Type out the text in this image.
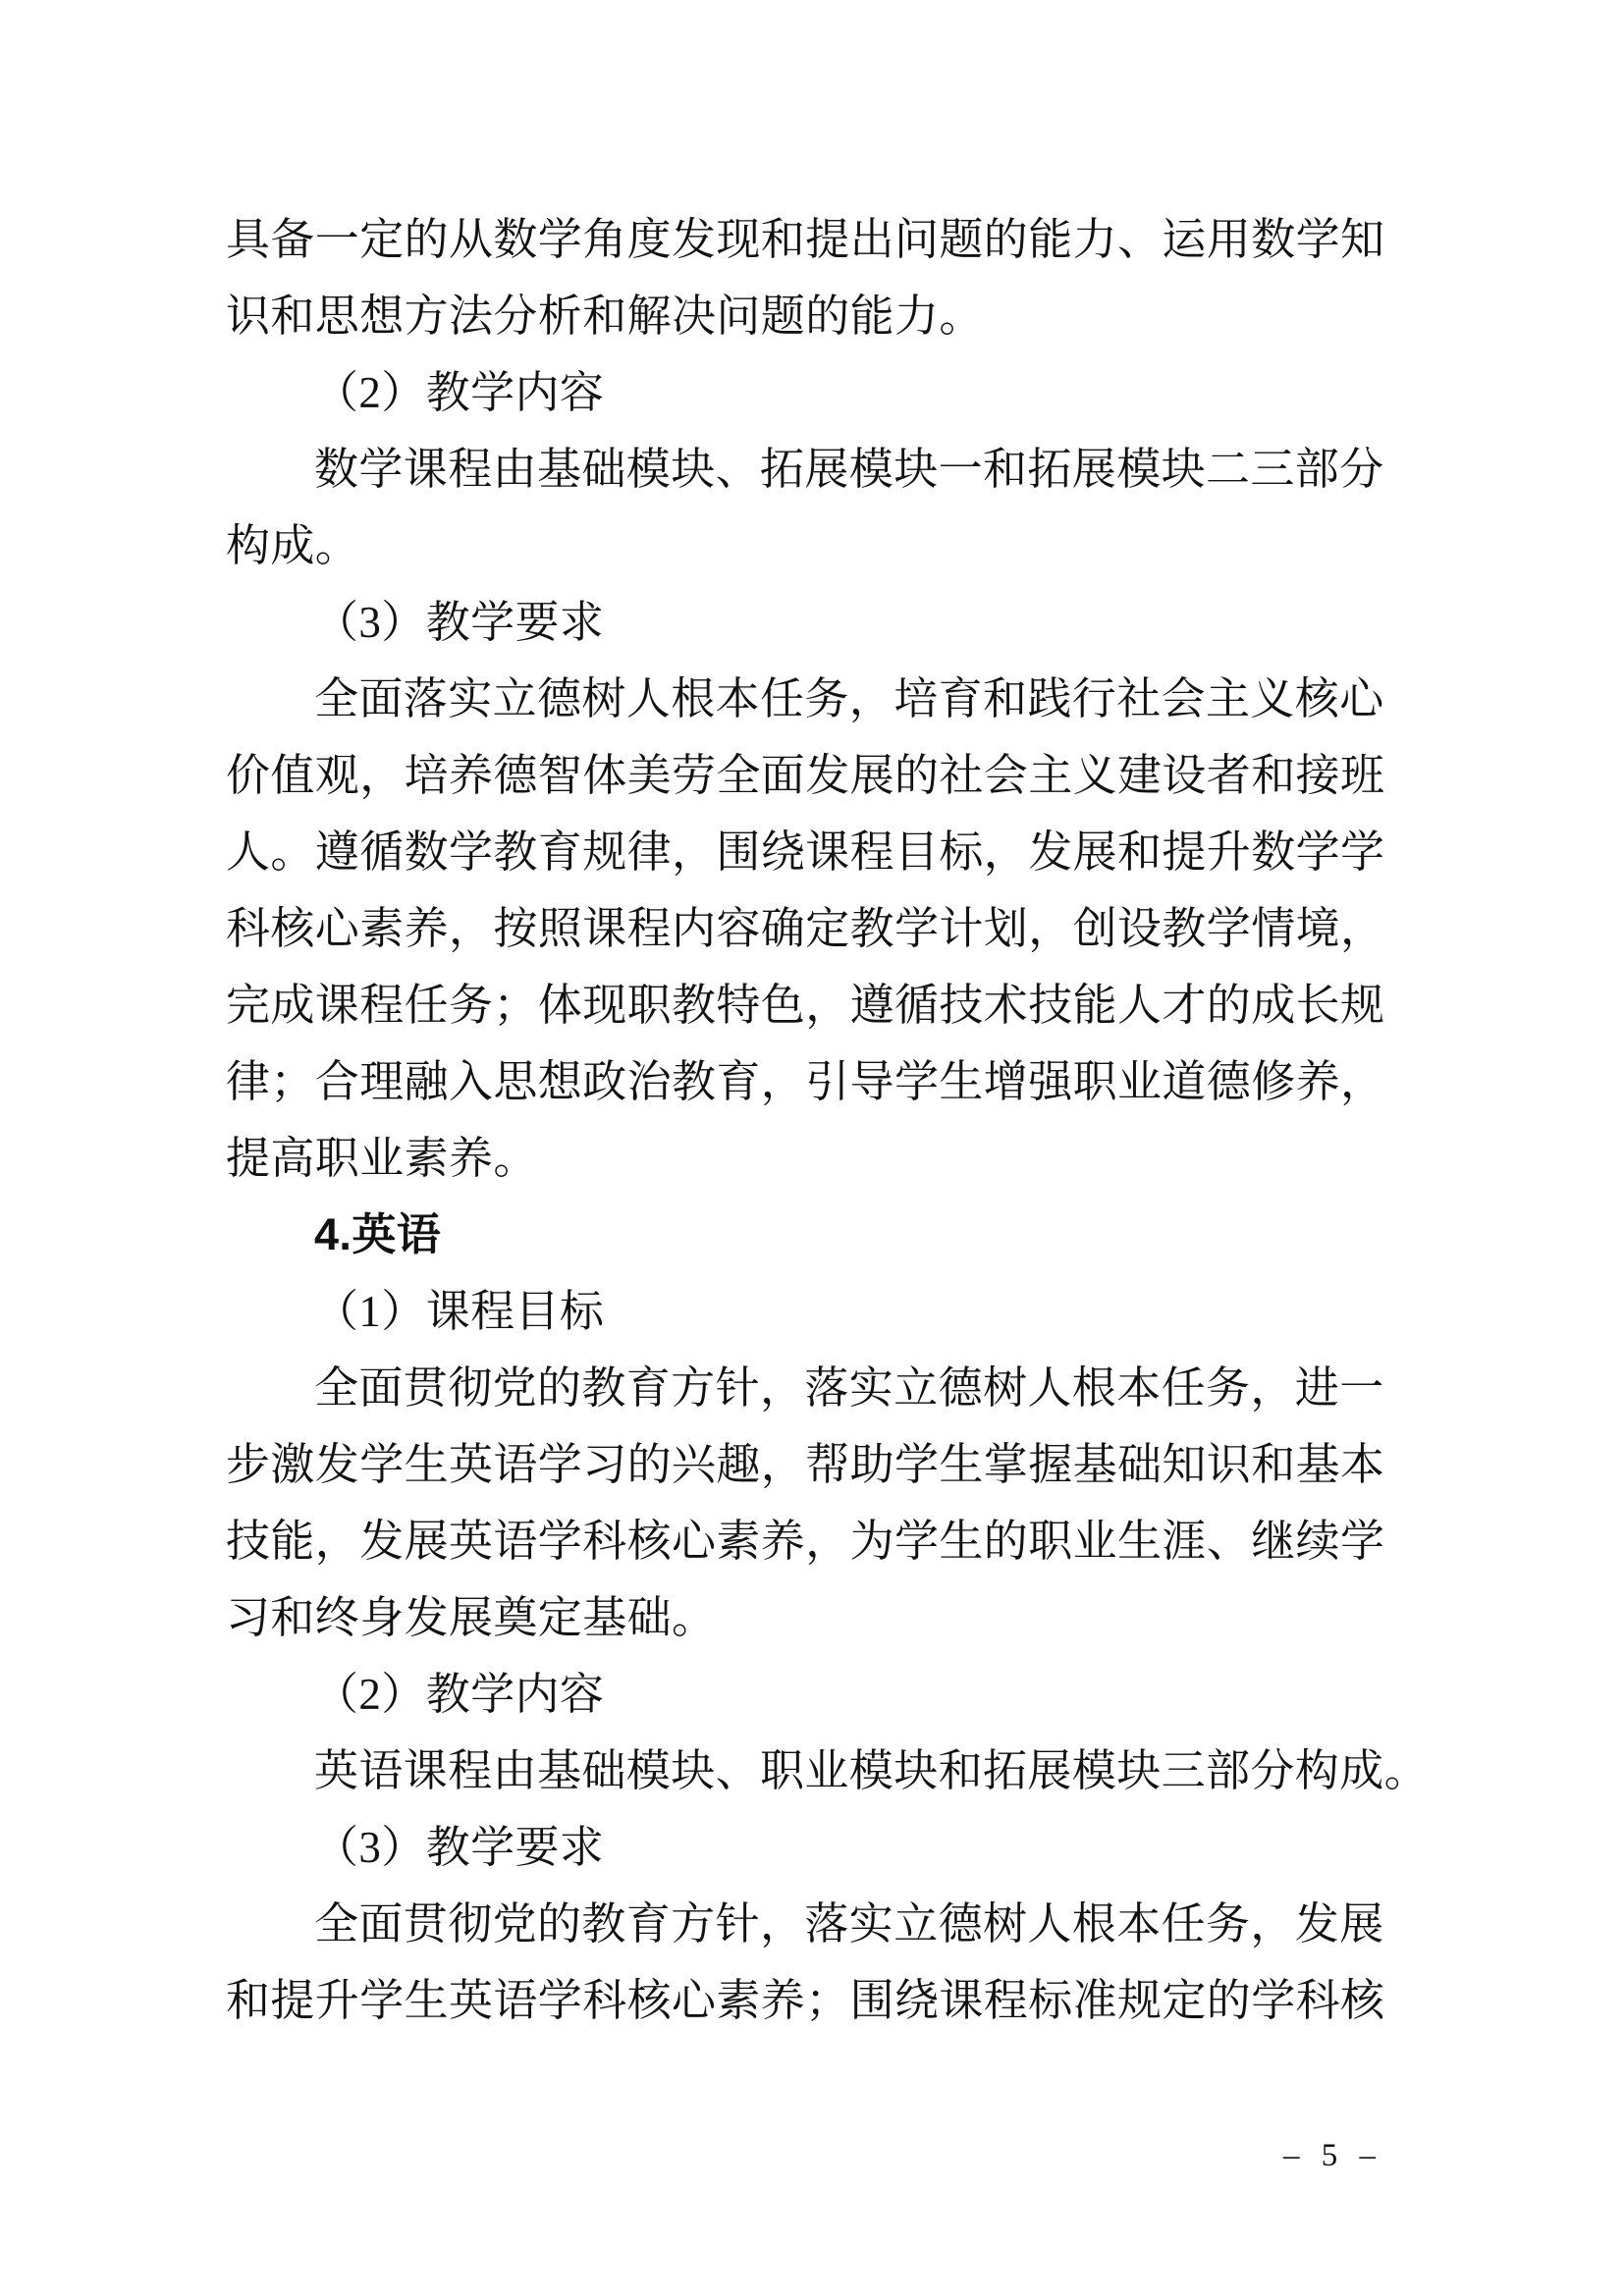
具备一定的从数学角度发现和提出问题的能力、运用数学知
识和思想方法分析和解决问题的能力。
（2）教学内容
数学课程由基础模块、拓展模块一和拓展模块二三部分
构成。
（3）教学要求
全面落实立德树人根本任务，培育和践行社会主义核心
价值观，培养德智体美劳全面发展的社会主义建设者和接班
人。遵循数学教育规律，围绕课程目标，发展和提升数学学
科核心素养，按照课程内容确定教学计划，创设教学情境，
完成课程任务；体现职教特色，遵循技术技能人才的成长规
律；合理融入思想政治教育，引导学生增强职业道德修养，
提高职业素养。
4.英语
（1）课程目标
全面贯彻党的教育方针，落实立德树人根本任务，进一
步激发学生英语学习的兴趣，帮助学生掌握基础知识和基本
技能，发展英语学科核心素养，为学生的职业生涯、继续学
习和终身发展奠定基础。
（2）教学内容
英语课程由基础模块、职业模块和拓展模块三部分构成。
（3）教学要求
全面贯彻党的教育方针，落实立德树人根本任务，发展
和提升学生英语学科核心素养；围绕课程标准规定的学科核
– 5 –
